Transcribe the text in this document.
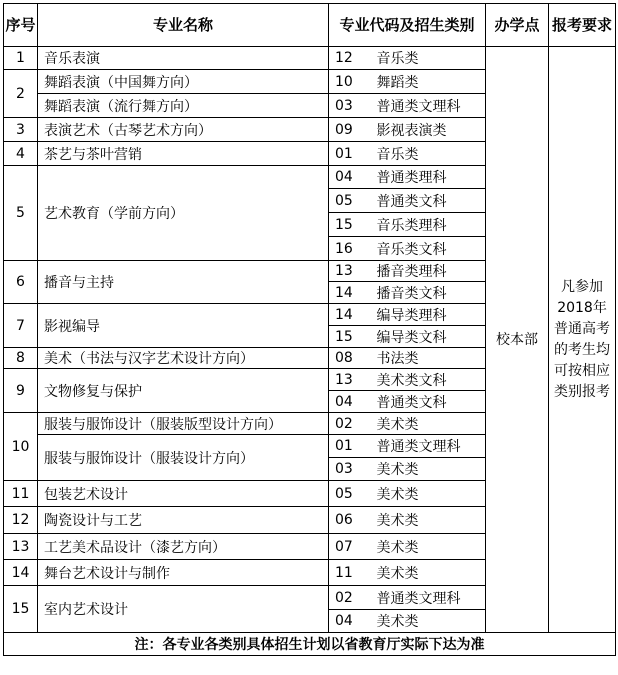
序号	专业名称	专业代码及招生类别		办学点	报考要求
1	音乐表演	12	音乐类	校本部	凡参加2018年普通高考的考生均可按相应类别报考
2	舞蹈表演（中国舞方向）	10	舞蹈类		
	舞蹈表演（流行舞方向）	03	普通类文理科		
3	表演艺术（古琴艺术方向）	09	影视表演类		
4	茶艺与茶叶营销	01	音乐类		
5	艺术教育（学前方向）	04	普通类理科		
		05	普通类文科		
		15	音乐类理科		
		16	音乐类文科		
6	播音与主持	13	播音类理科		
		14	播音类文科		
7	影视编导	14	编导类理科		
		15	编导类文科		
8	美术（书法与汉字艺术设计方向）	08	书法类		
9	文物修复与保护	13	美术类文科		
		04	普通类文科		
10	服装与服饰设计（服装版型设计方向）	02	美术类		
	服装与服饰设计（服装设计方向）	01	普通类文理科		
		03	美术类		
11	包装艺术设计	05	美术类		
12	陶瓷设计与工艺	06	美术类		
13	工艺美术品设计（漆艺方向）	07	美术类		
14	舞台艺术设计与制作	11	美术类		
15	室内艺术设计	02	普通类文理科		
		04	美术类		
注：各专业各类别具体招生计划以省教育厅实际下达为准					
